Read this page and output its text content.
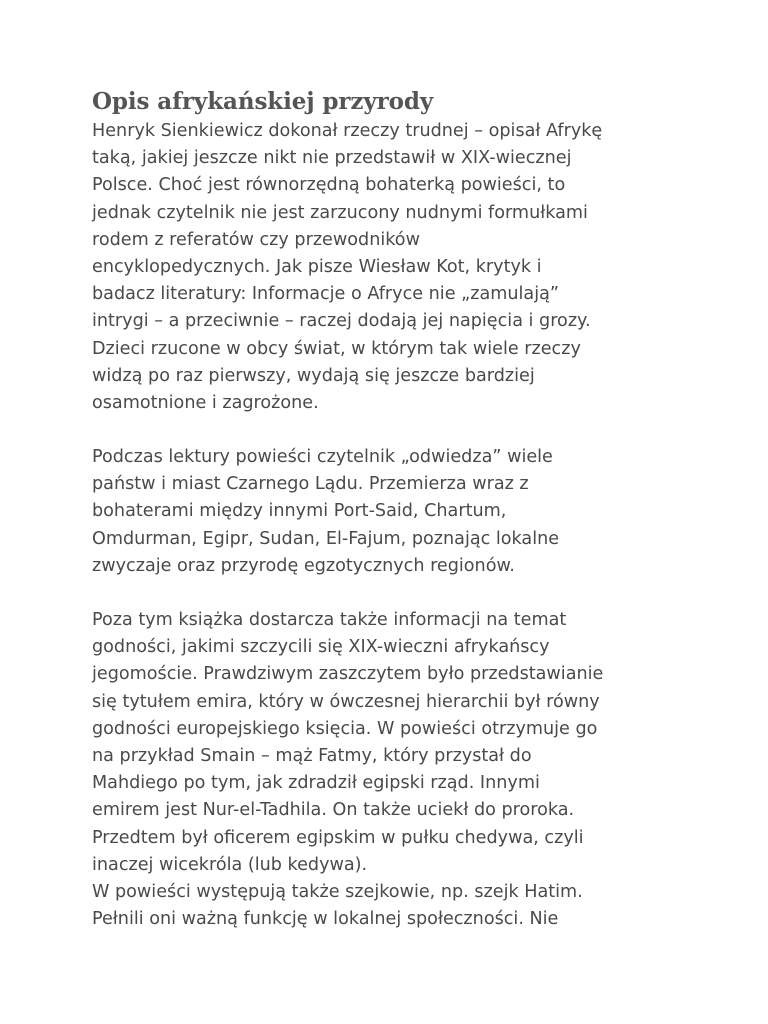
Opis afrykańskiej przyrody
Henryk Sienkiewicz dokonał rzeczy trudnej – opisał Afrykę
taką, jakiej jeszcze nikt nie przedstawił w XIX-wiecznej
Polsce. Choć jest równorzędną bohaterką powieści, to
jednak czytelnik nie jest zarzucony nudnymi formułkami
rodem z referatów czy przewodników
encyklopedycznych. Jak pisze Wiesław Kot, krytyk i
badacz literatury: Informacje o Afryce nie „zamulają”
intrygi – a przeciwnie – raczej dodają jej napięcia i grozy.
Dzieci rzucone w obcy świat, w którym tak wiele rzeczy
widzą po raz pierwszy, wydają się jeszcze bardziej
osamotnione i zagrożone.
Podczas lektury powieści czytelnik „odwiedza” wiele
państw i miast Czarnego Lądu. Przemierza wraz z
bohaterami między innymi Port-Said, Chartum,
Omdurman, Egipr, Sudan, El-Fajum, poznając lokalne
zwyczaje oraz przyrodę egzotycznych regionów.
Poza tym książka dostarcza także informacji na temat
godności, jakimi szczycili się XIX-wieczni afrykańscy
jegomoście. Prawdziwym zaszczytem było przedstawianie
się tytułem emira, który w ówczesnej hierarchii był równy
godności europejskiego księcia. W powieści otrzymuje go
na przykład Smain – mąż Fatmy, który przystał do
Mahdiego po tym, jak zdradził egipski rząd. Innymi
emirem jest Nur-el-Tadhila. On także uciekł do proroka.
Przedtem był oficerem egipskim w pułku chedywa, czyli
inaczej wicekróla (lub kedywa).
W powieści występują także szejkowie, np. szejk Hatim.
Pełnili oni ważną funkcję w lokalnej społeczności. Nie
